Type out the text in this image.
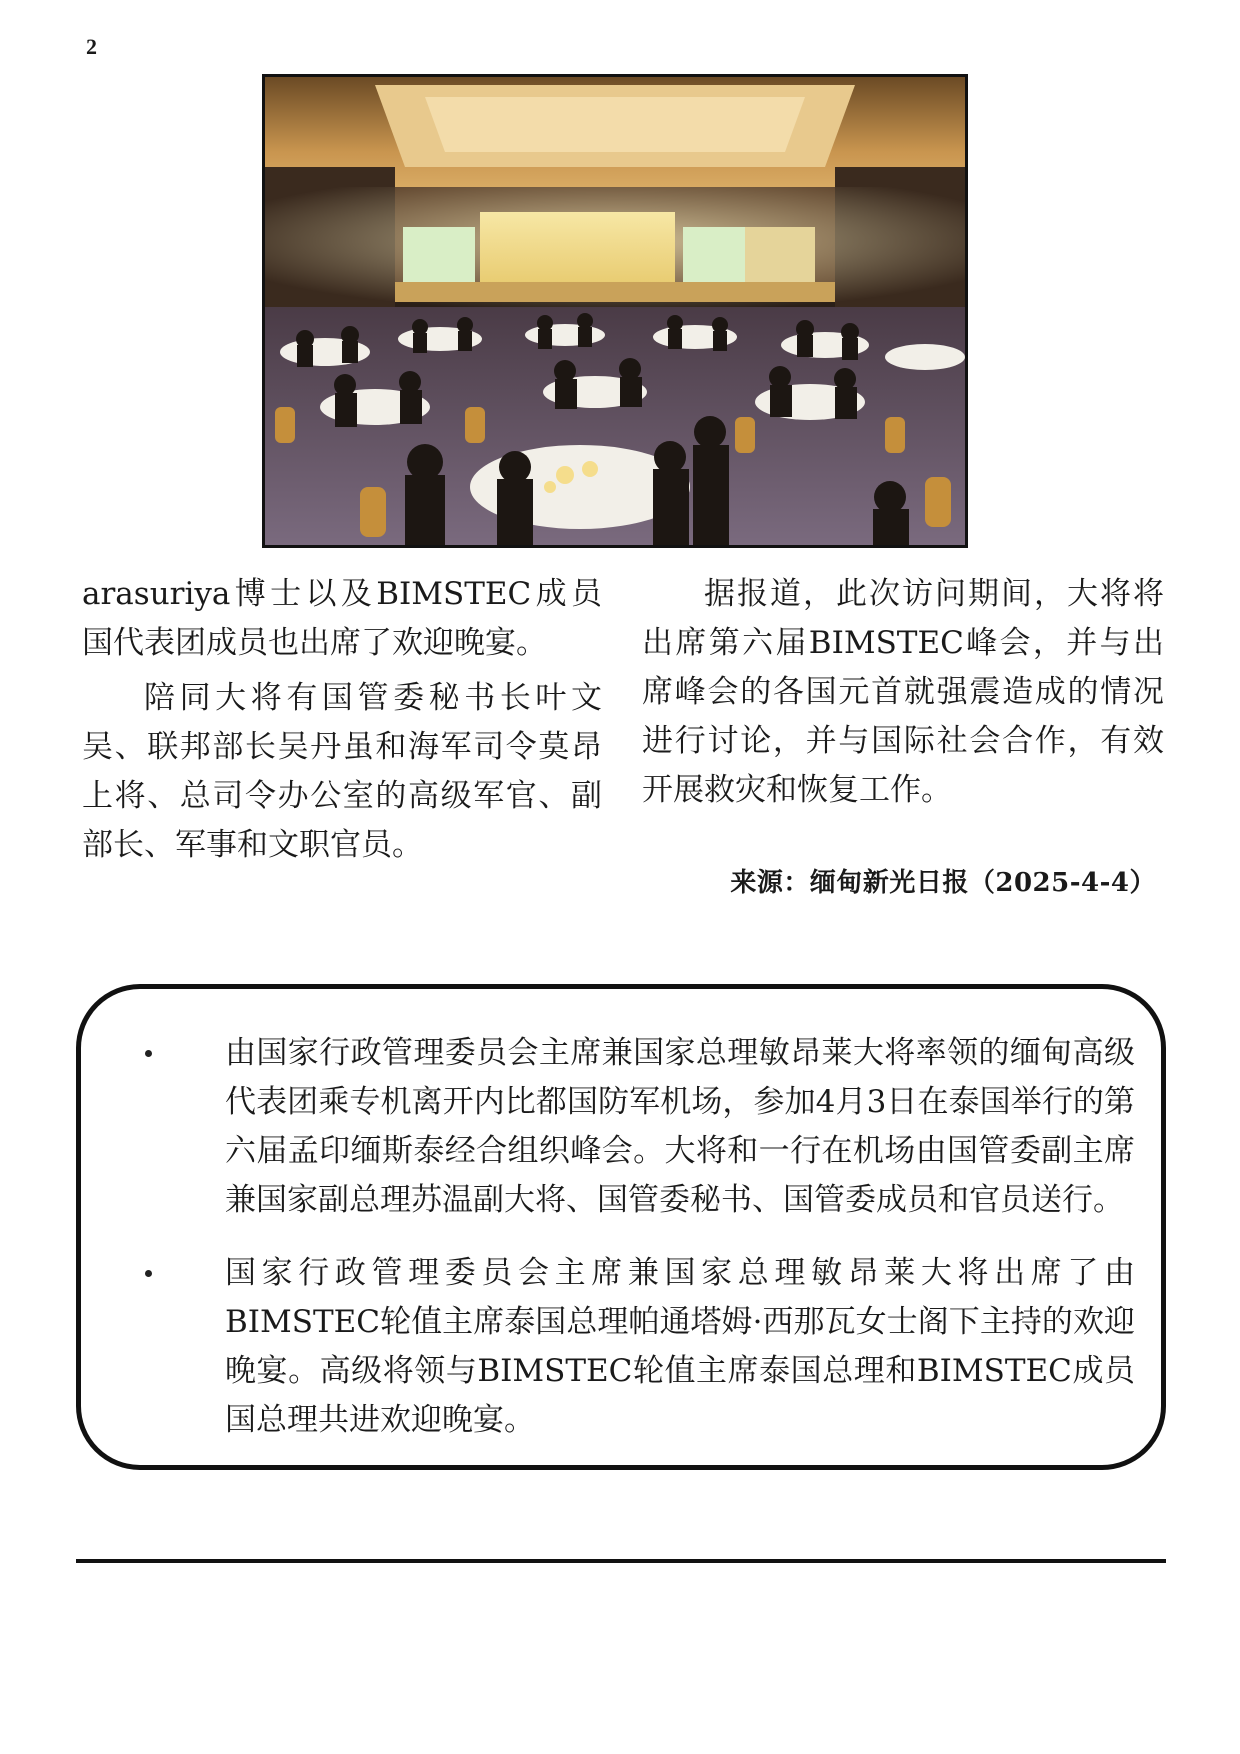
2

arasuriya博士以及BIMSTEC成员国代表团成员也出席了欢迎晚宴。

陪同大将有国管委秘书长叶文吴、联邦部长吴丹虽和海军司令莫昂上将、总司令办公室的高级军官、副部长、军事和文职官员。

据报道，此次访问期间，大将将出席第六届BIMSTEC峰会，并与出席峰会的各国元首就强震造成的情况进行讨论，并与国际社会合作，有效开展救灾和恢复工作。

来源：缅甸新光日报（2025-4-4）
由国家行政管理委员会主席兼国家总理敏昂莱大将率领的缅甸高级代表团乘专机离开内比都国防军机场，参加4月3日在泰国举行的第六届孟印缅斯泰经合组织峰会。大将和一行在机场由国管委副主席兼国家副总理苏温副大将、国管委秘书、国管委成员和官员送行。
国家行政管理委员会主席兼国家总理敏昂莱大将出席了由BIMSTEC轮值主席泰国总理帕通塔姆·西那瓦女士阁下主持的欢迎晚宴。高级将领与BIMSTEC轮值主席泰国总理和BIMSTEC成员国总理共进欢迎晚宴。
